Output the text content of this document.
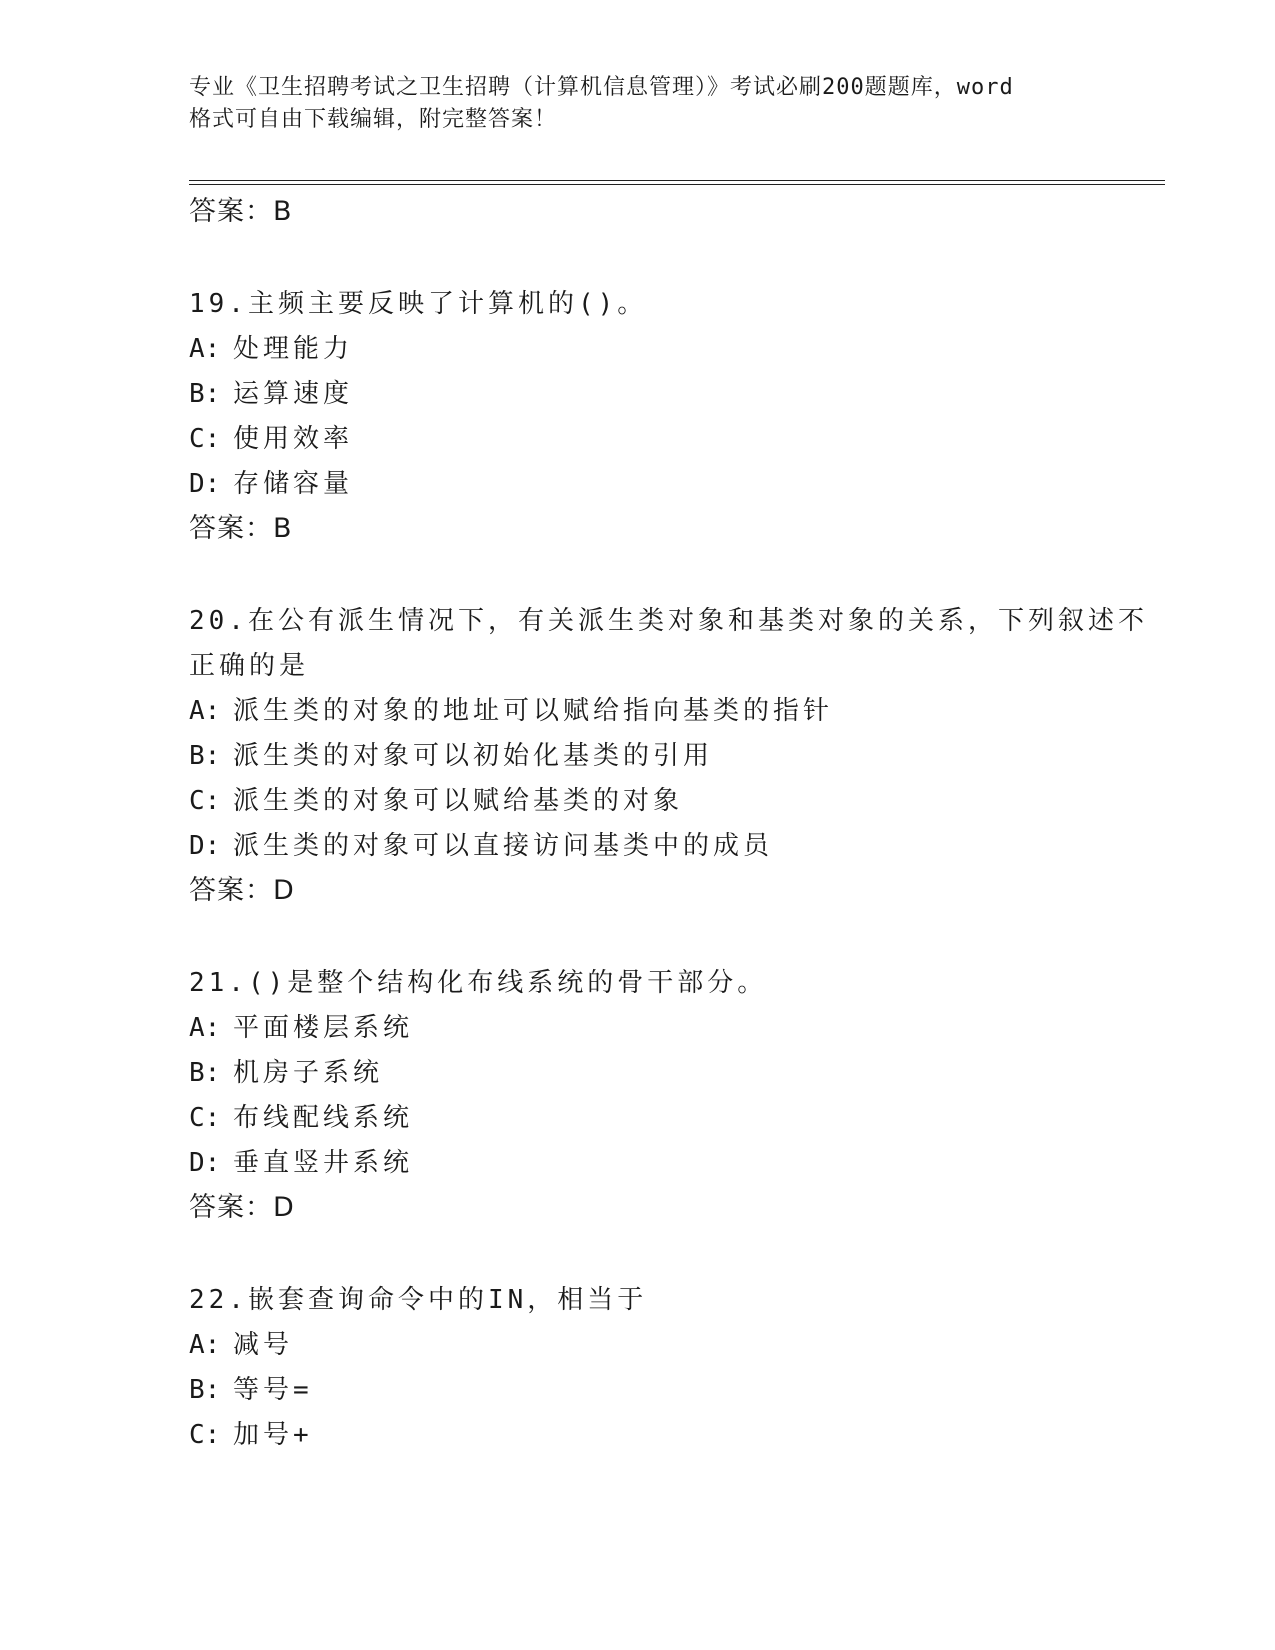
专业《卫生招聘考试之卫生招聘（计算机信息管理）》考试必刷200题题库，word
格式可自由下载编辑，附完整答案！
答案：B
19.主频主要反映了计算机的()。
A: 处理能力
B: 运算速度
C: 使用效率
D: 存储容量
答案：B
20.在公有派生情况下，有关派生类对象和基类对象的关系，下列叙述不正确的是
A: 派生类的对象的地址可以赋给指向基类的指针
B: 派生类的对象可以初始化基类的引用
C: 派生类的对象可以赋给基类的对象
D: 派生类的对象可以直接访问基类中的成员
答案：D
21.()是整个结构化布线系统的骨干部分。
A: 平面楼层系统
B: 机房子系统
C: 布线配线系统
D: 垂直竖井系统
答案：D
22.嵌套查询命令中的IN，相当于
A: 减号
B: 等号=
C: 加号+
